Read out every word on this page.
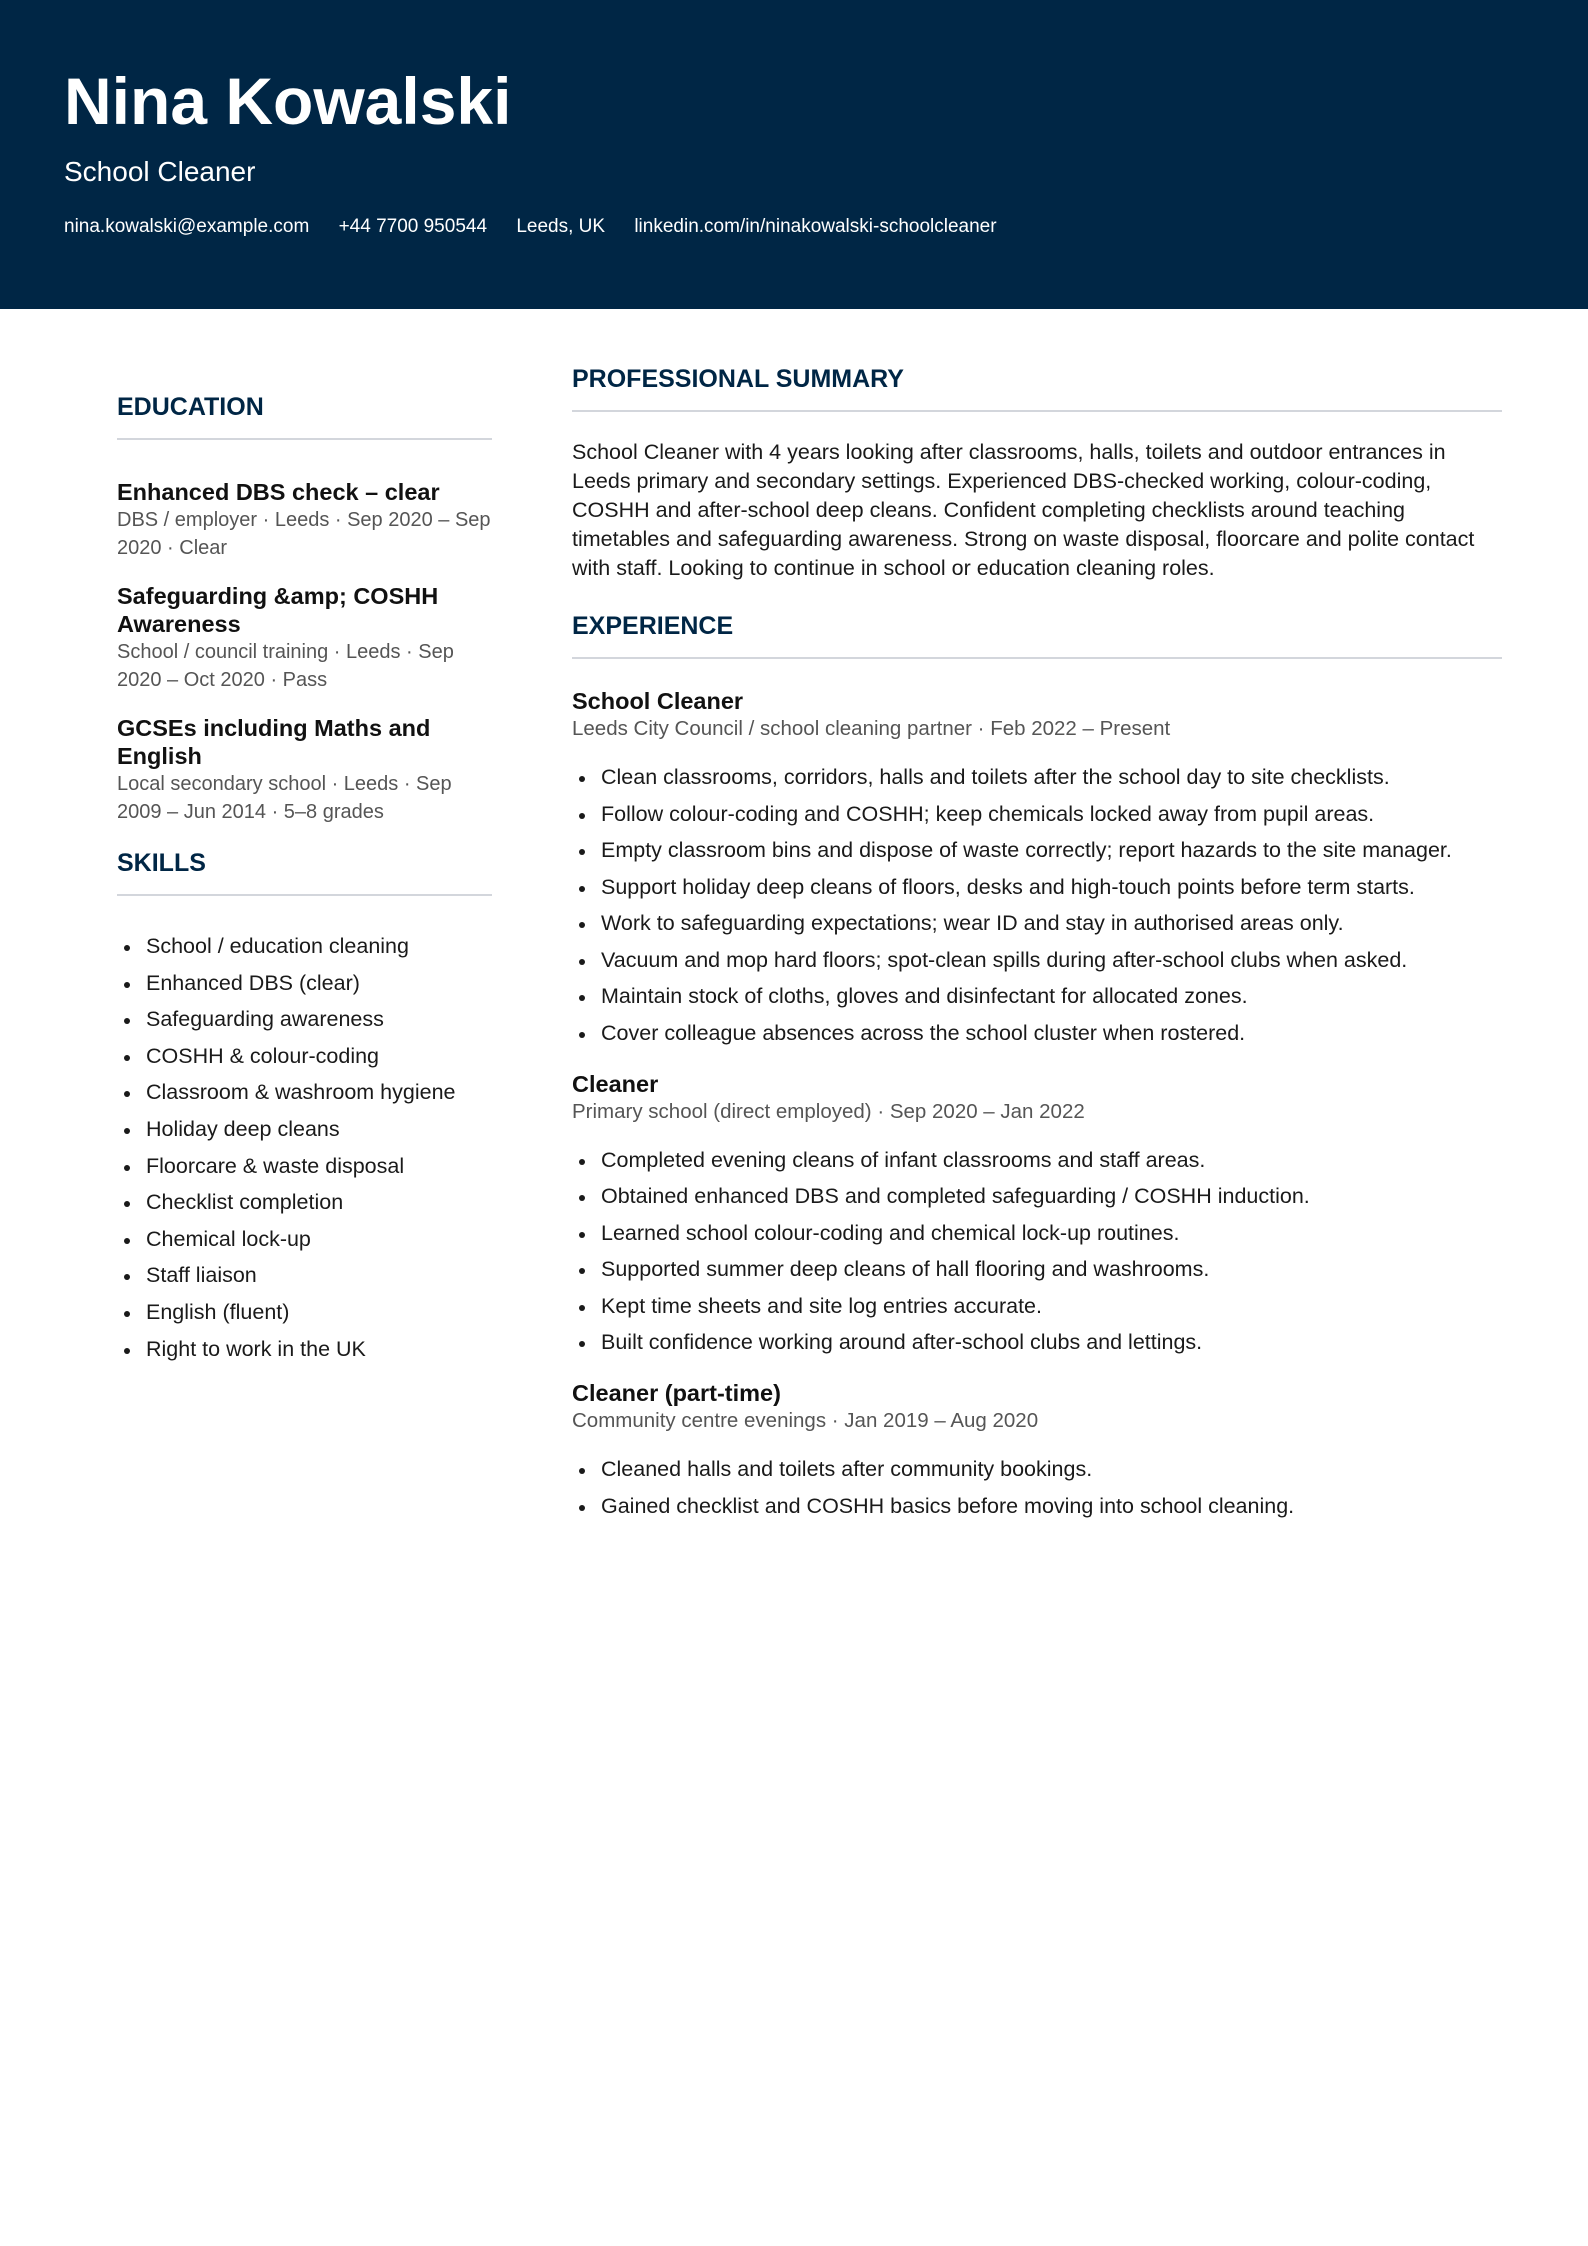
Nina Kowalski
School Cleaner
nina.kowalski@example.com +44 7700 950544 Leeds, UK linkedin.com/in/ninakowalski-schoolcleaner
EDUCATION
Enhanced DBS check – clear
DBS / employer · Leeds · Sep 2020 – Sep 2020 · Clear
Safeguarding &amp; COSHH Awareness
School / council training · Leeds · Sep 2020 – Oct 2020 · Pass
GCSEs including Maths and English
Local secondary school · Leeds · Sep 2009 – Jun 2014 · 5–8 grades
SKILLS
School / education cleaning
Enhanced DBS (clear)
Safeguarding awareness
COSHH & colour-coding
Classroom & washroom hygiene
Holiday deep cleans
Floorcare & waste disposal
Checklist completion
Chemical lock-up
Staff liaison
English (fluent)
Right to work in the UK
PROFESSIONAL SUMMARY

School Cleaner with 4 years looking after classrooms, halls, toilets and outdoor entrances in Leeds primary and secondary settings. Experienced DBS-checked working, colour-coding, COSHH and after-school deep cleans. Confident completing checklists around teaching timetables and safeguarding awareness. Strong on waste disposal, floorcare and polite contact with staff. Looking to continue in school or education cleaning roles.

EXPERIENCE
School Cleaner
Leeds City Council / school cleaning partner · Feb 2022 – Present
Clean classrooms, corridors, halls and toilets after the school day to site checklists.
Follow colour-coding and COSHH; keep chemicals locked away from pupil areas.
Empty classroom bins and dispose of waste correctly; report hazards to the site manager.
Support holiday deep cleans of floors, desks and high-touch points before term starts.
Work to safeguarding expectations; wear ID and stay in authorised areas only.
Vacuum and mop hard floors; spot-clean spills during after-school clubs when asked.
Maintain stock of cloths, gloves and disinfectant for allocated zones.
Cover colleague absences across the school cluster when rostered.
Cleaner
Primary school (direct employed) · Sep 2020 – Jan 2022
Completed evening cleans of infant classrooms and staff areas.
Obtained enhanced DBS and completed safeguarding / COSHH induction.
Learned school colour-coding and chemical lock-up routines.
Supported summer deep cleans of hall flooring and washrooms.
Kept time sheets and site log entries accurate.
Built confidence working around after-school clubs and lettings.
Cleaner (part-time)
Community centre evenings · Jan 2019 – Aug 2020
Cleaned halls and toilets after community bookings.
Gained checklist and COSHH basics before moving into school cleaning.
